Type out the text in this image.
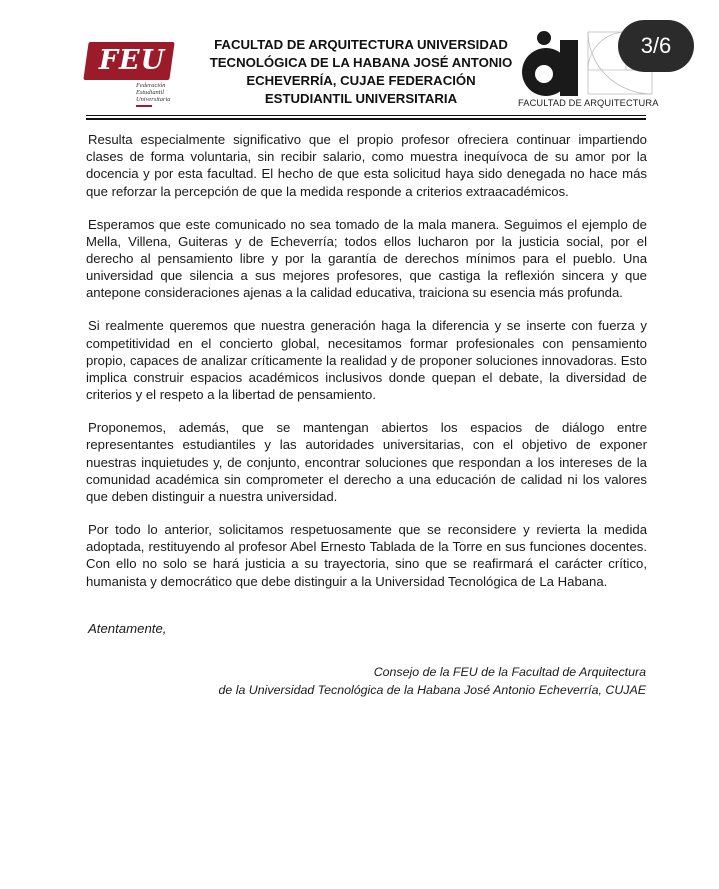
FEU
Federación
Estudiantil
Universitaria
FACULTAD DE ARQUITECTURA UNIVERSIDAD TECNOLÓGICA DE LA HABANA JOSÉ ANTONIO ECHEVERRÍA, CUJAE FEDERACIÓN ESTUDIANTIL UNIVERSITARIA	FACULTAD DE ARQUITECTURA
3/6

Resulta especialmente significativo que el propio profesor ofreciera continuar impartiendo clases de forma voluntaria, sin recibir salario, como muestra inequívoca de su amor por la docencia y por esta facultad. El hecho de que esta solicitud haya sido denegada no hace más que reforzar la percepción de que la medida responde a criterios extraacadémicos.

Esperamos que este comunicado no sea tomado de la mala manera. Seguimos el ejemplo de Mella, Villena, Guiteras y de Echeverría; todos ellos lucharon por la justicia social, por el derecho al pensamiento libre y por la garantía de derechos mínimos para el pueblo. Una universidad que silencia a sus mejores profesores, que castiga la reflexión sincera y que antepone consideraciones ajenas a la calidad educativa, traiciona su esencia más profunda.

Si realmente queremos que nuestra generación haga la diferencia y se inserte con fuerza y competitividad en el concierto global, necesitamos formar profesionales con pensamiento propio, capaces de analizar críticamente la realidad y de proponer soluciones innovadoras. Esto implica construir espacios académicos inclusivos donde quepan el debate, la diversidad de criterios y el respeto a la libertad de pensamiento.

Proponemos, además, que se mantengan abiertos los espacios de diálogo entre representantes estudiantiles y las autoridades universitarias, con el objetivo de exponer nuestras inquietudes y, de conjunto, encontrar soluciones que respondan a los intereses de la comunidad académica sin comprometer el derecho a una educación de calidad ni los valores que deben distinguir a nuestra universidad.

Por todo lo anterior, solicitamos respetuosamente que se reconsidere y revierta la medida adoptada, restituyendo al profesor Abel Ernesto Tablada de la Torre en sus funciones docentes. Con ello no solo se hará justicia a su trayectoria, sino que se reafirmará el carácter crítico, humanista y democrático que debe distinguir a la Universidad Tecnológica de La Habana.

Atentamente,
Consejo de la FEU de la Facultad de Arquitectura
de la Universidad Tecnológica de la Habana José Antonio Echeverría, CUJAE
